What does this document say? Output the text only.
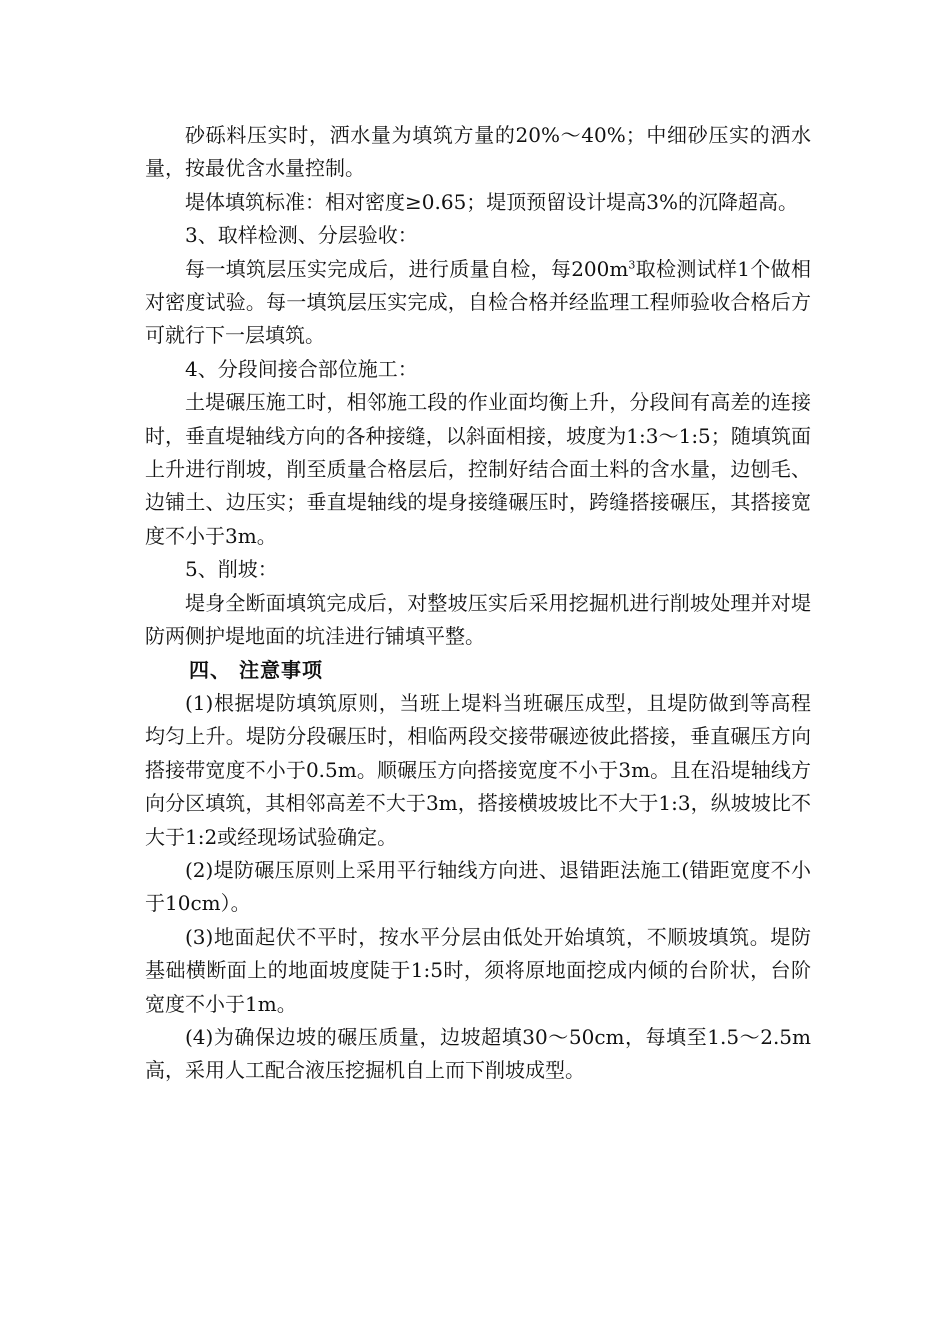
砂砾料压实时，洒水量为填筑方量的20%～40%；中细砂压实的洒水量，按最优含水量控制。

堤体填筑标准：相对密度≥0.65；堤顶预留设计堤高3%的沉降超高。

3、取样检测、分层验收：

每一填筑层压实完成后，进行质量自检，每$200m^3$取检测试样1个做相对密度试验。每一填筑层压实完成，自检合格并经监理工程师验收合格后方可就行下一层填筑。

4、分段间接合部位施工：

土堤碾压施工时，相邻施工段的作业面均衡上升，分段间有高差的连接时，垂直堤轴线方向的各种接缝，以斜面相接，坡度为1:3～1:5；随填筑面上升进行削坡，削至质量合格层后，控制好结合面土料的含水量，边刨毛、边铺土、边压实；垂直堤轴线的堤身接缝碾压时，跨缝搭接碾压，其搭接宽度不小于3m。

5、削坡：

堤身全断面填筑完成后，对整坡压实后采用挖掘机进行削坡处理并对堤防两侧护堤地面的坑洼进行铺填平整。

四、 注意事项

(1)根据堤防填筑原则，当班上堤料当班碾压成型，且堤防做到等高程均匀上升。堤防分段碾压时，相临两段交接带碾迹彼此搭接，垂直碾压方向搭接带宽度不小于0.5m。顺碾压方向搭接宽度不小于3m。且在沿堤轴线方向分区填筑，其相邻高差不大于3m，搭接横坡坡比不大于1:3，纵坡坡比不大于1:2或经现场试验确定。

(2)堤防碾压原则上采用平行轴线方向进、退错距法施工(错距宽度不小于10cm）。

(3)地面起伏不平时，按水平分层由低处开始填筑，不顺坡填筑。堤防基础横断面上的地面坡度陡于1:5时，须将原地面挖成内倾的台阶状，台阶宽度不小于1m。

(4)为确保边坡的碾压质量，边坡超填30～50cm，每填至1.5～2.5m高，采用人工配合液压挖掘机自上而下削坡成型。
